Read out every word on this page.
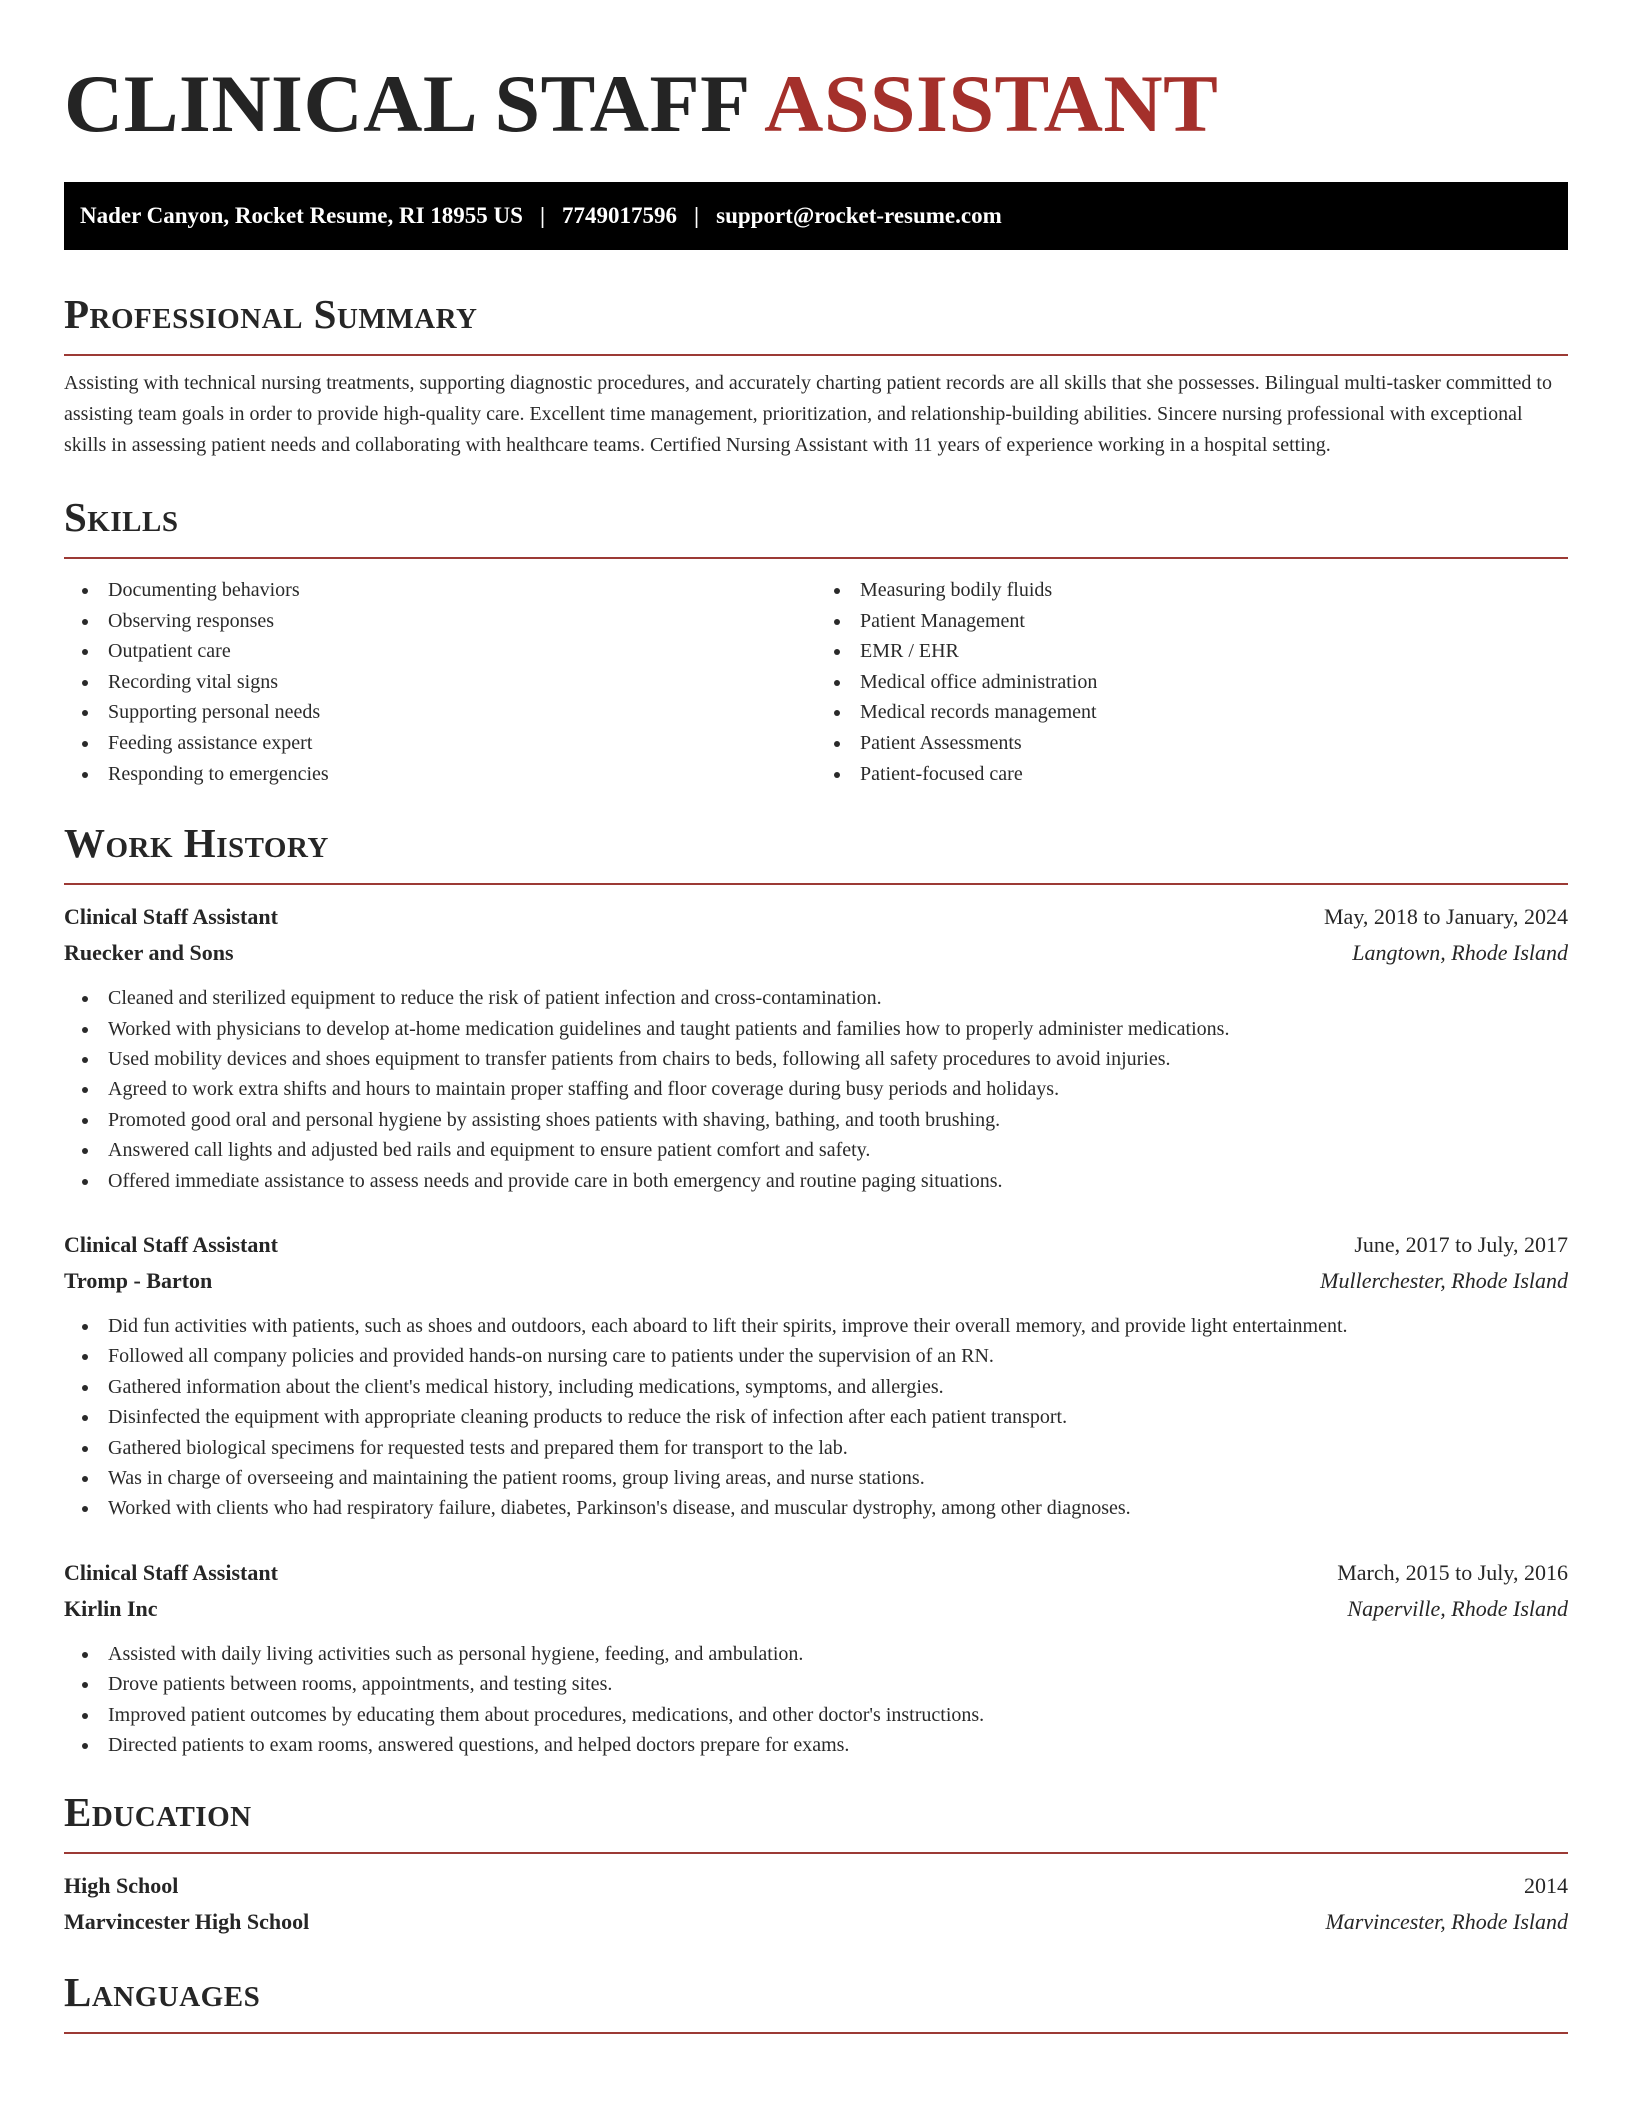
CLINICAL STAFF ASSISTANT
Nader Canyon, Rocket Resume, RI 18955 US | 7749017596 | support@rocket-resume.com
Professional Summary

Assisting with technical nursing treatments, supporting diagnostic procedures, and accurately charting patient records are all skills that she possesses. Bilingual multi-tasker committed to assisting team goals in order to provide high-quality care. Excellent time management, prioritization, and relationship-building abilities. Sincere nursing professional with exceptional skills in assessing patient needs and collaborating with healthcare teams. Certified Nursing Assistant with 11 years of experience working in a hospital setting.

Skills
Documenting behaviors
Observing responses
Outpatient care
Recording vital signs
Supporting personal needs
Feeding assistance expert
Responding to emergencies
Measuring bodily fluids
Patient Management
EMR / EHR
Medical office administration
Medical records management
Patient Assessments
Patient-focused care
Work History
Clinical Staff Assistant	May, 2018 to January, 2024
Ruecker and Sons	Langtown, Rhode Island
Cleaned and sterilized equipment to reduce the risk of patient infection and cross-contamination.
Worked with physicians to develop at-home medication guidelines and taught patients and families how to properly administer medications.
Used mobility devices and shoes equipment to transfer patients from chairs to beds, following all safety procedures to avoid injuries.
Agreed to work extra shifts and hours to maintain proper staffing and floor coverage during busy periods and holidays.
Promoted good oral and personal hygiene by assisting shoes patients with shaving, bathing, and tooth brushing.
Answered call lights and adjusted bed rails and equipment to ensure patient comfort and safety.
Offered immediate assistance to assess needs and provide care in both emergency and routine paging situations.
Clinical Staff Assistant	June, 2017 to July, 2017
Tromp - Barton	Mullerchester, Rhode Island
Did fun activities with patients, such as shoes and outdoors, each aboard to lift their spirits, improve their overall memory, and provide light entertainment.
Followed all company policies and provided hands-on nursing care to patients under the supervision of an RN.
Gathered information about the client's medical history, including medications, symptoms, and allergies.
Disinfected the equipment with appropriate cleaning products to reduce the risk of infection after each patient transport.
Gathered biological specimens for requested tests and prepared them for transport to the lab.
Was in charge of overseeing and maintaining the patient rooms, group living areas, and nurse stations.
Worked with clients who had respiratory failure, diabetes, Parkinson's disease, and muscular dystrophy, among other diagnoses.
Clinical Staff Assistant	March, 2015 to July, 2016
Kirlin Inc	Naperville, Rhode Island
Assisted with daily living activities such as personal hygiene, feeding, and ambulation.
Drove patients between rooms, appointments, and testing sites.
Improved patient outcomes by educating them about procedures, medications, and other doctor's instructions.
Directed patients to exam rooms, answered questions, and helped doctors prepare for exams.
Education
High School	2014
Marvincester High School	Marvincester, Rhode Island
Languages
